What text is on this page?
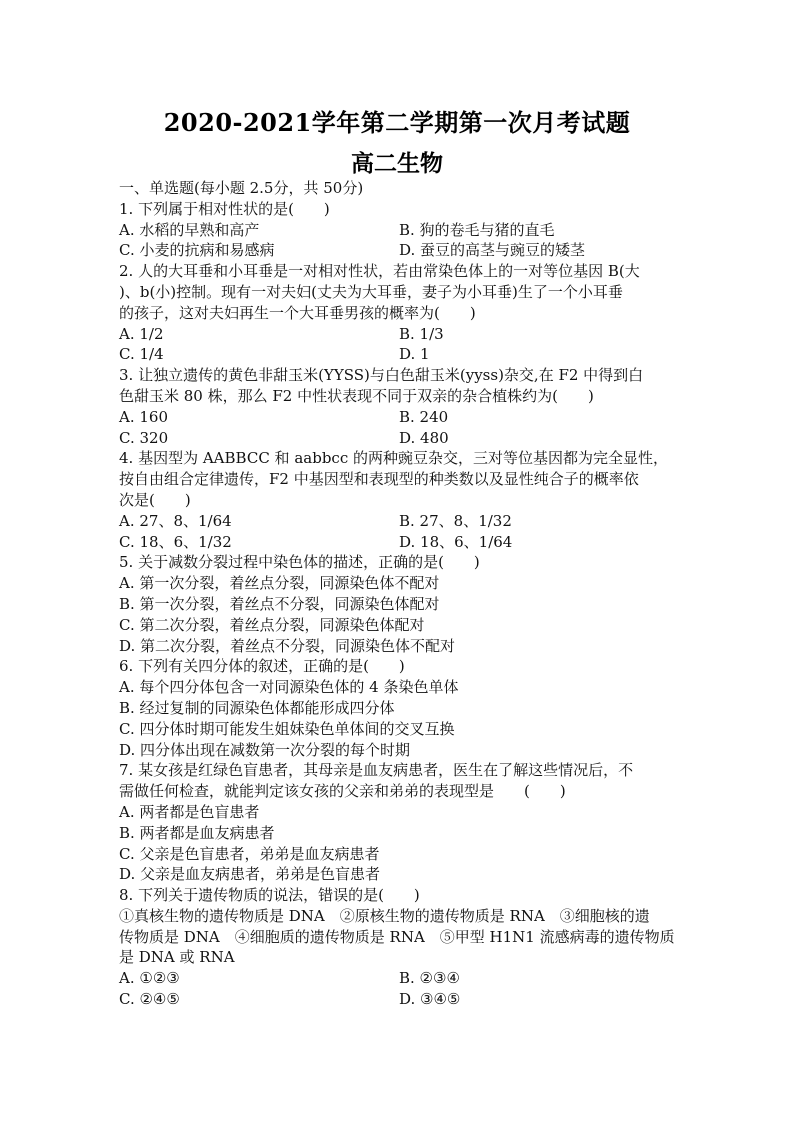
2020-2021学年第二学期第一次月考试题
高二生物
一、单选题(每小题 2.5分，共 50分)
1. 下列属于相对性状的是(　　)
A. 水稻的早熟和高产	B. 狗的卷毛与猪的直毛
C. 小麦的抗病和易感病	D. 蚕豆的高茎与豌豆的矮茎
2. 人的大耳垂和小耳垂是一对相对性状，若由常染色体上的一对等位基因 B(大
)、b(小)控制。现有一对夫妇(丈夫为大耳垂，妻子为小耳垂)生了一个小耳垂
的孩子，这对夫妇再生一个大耳垂男孩的概率为(　　)
A. 1/2	B. 1/3
C. 1/4	D. 1
3. 让独立遗传的黄色非甜玉米(YYSS)与白色甜玉米(yyss)杂交,在 F2 中得到白
色甜玉米 80 株，那么 F2 中性状表现不同于双亲的杂合植株约为(　　)
A. 160	B. 240
C. 320	D. 480
4. 基因型为 AABBCC 和 aabbcc 的两种豌豆杂交，三对等位基因都为完全显性，
按自由组合定律遗传，F2 中基因型和表现型的种类数以及显性纯合子的概率依
次是(　　)
A. 27、8、1/64	B. 27、8、1/32
C. 18、6、1/32	D. 18、6、1/64
5. 关于减数分裂过程中染色体的描述，正确的是(　　)
A. 第一次分裂，着丝点分裂，同源染色体不配对
B. 第一次分裂，着丝点不分裂，同源染色体配对
C. 第二次分裂，着丝点分裂，同源染色体配对
D. 第二次分裂，着丝点不分裂，同源染色体不配对
6. 下列有关四分体的叙述，正确的是(　　)
A. 每个四分体包含一对同源染色体的 4 条染色单体
B. 经过复制的同源染色体都能形成四分体
C. 四分体时期可能发生姐妹染色单体间的交叉互换
D. 四分体出现在减数第一次分裂的每个时期
7. 某女孩是红绿色盲患者，其母亲是血友病患者，医生在了解这些情况后，不
需做任何检查，就能判定该女孩的父亲和弟弟的表现型是　　(　　)
A. 两者都是色盲患者
B. 两者都是血友病患者
C. 父亲是色盲患者，弟弟是血友病患者
D. 父亲是血友病患者，弟弟是色盲患者
8. 下列关于遗传物质的说法，错误的是(　　)
①真核生物的遗传物质是 DNA　②原核生物的遗传物质是 RNA　③细胞核的遗
传物质是 DNA　④细胞质的遗传物质是 RNA　⑤甲型 H1N1 流感病毒的遗传物质
是 DNA 或 RNA
A. ①②③	B. ②③④
C. ②④⑤	D. ③④⑤
